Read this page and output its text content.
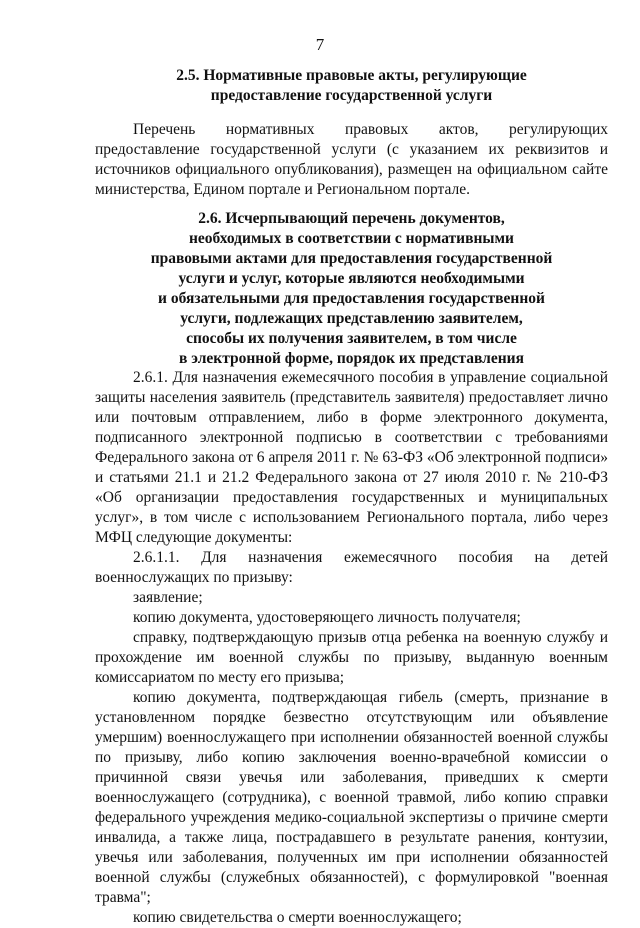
7

2.5. Нормативные правовые акты, регулирующие
предоставление государственной услуги

Перечень нормативных правовых актов, регулирующих предоставление государственной услуги (с указанием их реквизитов и источников официального опубликования), размещен на официальном сайте министерства, Едином портале и Региональном портале.

2.6. Исчерпывающий перечень документов,
необходимых в соответствии с нормативными
правовыми актами для предоставления государственной
услуги и услуг, которые являются необходимыми
и обязательными для предоставления государственной
услуги, подлежащих представлению заявителем,
способы их получения заявителем, в том числе
в электронной форме, порядок их представления

2.6.1. Для назначения ежемесячного пособия в управление социальной защиты населения заявитель (представитель заявителя) предоставляет лично или почтовым отправлением, либо в форме электронного документа, подписанного электронной подписью в соответствии с требованиями Федерального закона от 6 апреля 2011 г. № 63-ФЗ «Об электронной подписи» и статьями 21.1 и 21.2 Федерального закона от 27 июля 2010 г. № 210-ФЗ «Об организации предоставления государственных и муниципальных услуг», в том числе с использованием Регионального портала, либо через МФЦ следующие документы:

2.6.1.1. Для назначения ежемесячного пособия на детей военнослужащих по призыву:

заявление;

копию документа, удостоверяющего личность получателя;

справку, подтверждающую призыв отца ребенка на военную службу и прохождение им военной службы по призыву, выданную военным комиссариатом по месту его призыва;

копию документа, подтверждающая гибель (смерть, признание в установленном порядке безвестно отсутствующим или объявление умершим) военнослужащего при исполнении обязанностей военной службы по призыву, либо копию заключения военно-врачебной комиссии о причинной связи увечья или заболевания, приведших к смерти военнослужащего (сотрудника), с военной травмой, либо копию справки федерального учреждения медико-социальной экспертизы о причине смерти инвалида, а также лица, пострадавшего в результате ранения, контузии, увечья или заболевания, полученных им при исполнении обязанностей военной службы (служебных обязанностей), с формулировкой "военная травма";

копию свидетельства о смерти военнослужащего;
